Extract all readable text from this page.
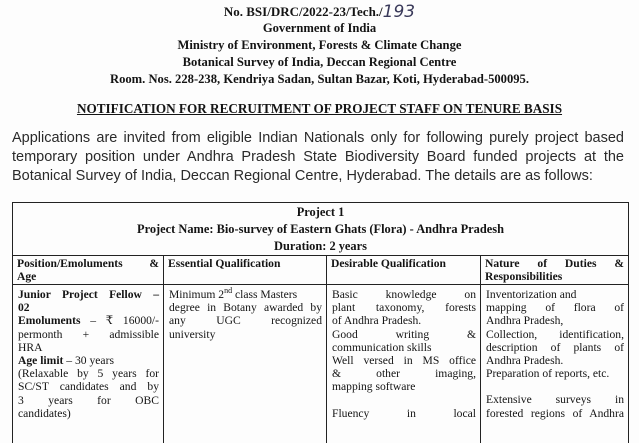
No. BSI/DRC/2022-23/Tech./193
Government of India
Ministry of Environment, Forests & Climate Change
Botanical Survey of India, Deccan Regional Centre
Room. Nos. 228-238, Kendriya Sadan, Sultan Bazar, Koti, Hyderabad-500095.
NOTIFICATION FOR RECRUITMENT OF PROJECT STAFF ON TENURE BASIS
Applications are invited from eligible Indian Nationals only for following purely project based
temporary position under Andhra Pradesh State Biodiversity Board funded projects at the
Botanical Survey of India, Deccan Regional Centre, Hyderabad. The details are as follows:
Project 1
Project Name: Bio-survey of Eastern Ghats (Flora) - Andhra Pradesh
Duration: 2 years
Position/Emoluments &
Age

Junior Project Fellow –

02

Emoluments – ₹ 16000/-

permonth + admissible

HRA

Age limit – 30 years

(Relaxable by 5 years for

SC/ST candidates and by

3 years for OBC

candidates)

Essential Qualification

Minimum 2nd class Masters

degree in Botany awarded by

any UGC recognized

university

Desirable Qualification

Basic knowledge on

plant taxonomy, forests

of Andhra Pradesh.

Good writing &

communication skills

Well versed in MS office

& other imaging,

mapping software

Fluency in local

Nature of Duties &
Responsibilities

Inventorization and

mapping of flora of

Andhra Pradesh,

Collection, identification,

description of plants of

Andhra Pradesh.

Preparation of reports, etc.

Extensive surveys in

forested regions of Andhra
